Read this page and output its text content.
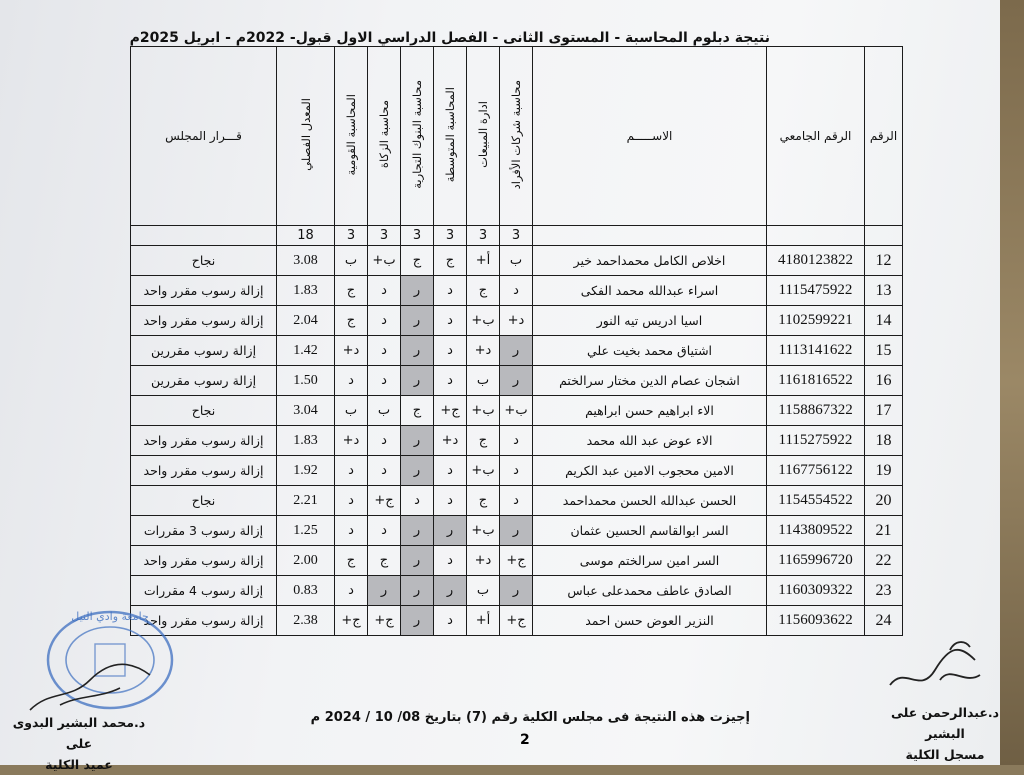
نتيجة دبلوم المحاسبة - المستوى الثانى - الفصل الدراسي الاول قبول- 2022م - ابريل 2025م
الرقم	الرقم الجامعي	الاســـــم	محاسبة شركات الأفراد	ادارة المبيعات	المحاسبة المتوسطة	محاسبة البنوك التجارية	محاسبة الزكاة	المحاسبة القومية	المعدل الفصلي	قـــرار المجلس
			3	3	3	3	3	3	18	
12	4180123822	اخلاص الكامل محمداحمد خير	ب	أ+	ج	ج	ب+	ب	3.08	نجاح
13	1115475922	اسراء عبدالله محمد الفكى	د	ج	د	ر	د	ج	1.83	إزالة رسوب مقرر واحد
14	1102599221	اسيا ادريس تيه النور	د+	ب+	د	ر	د	ج	2.04	إزالة رسوب مقرر واحد
15	1113141622	اشتياق محمد بخيت علي	ر	د+	د	ر	د	د+	1.42	إزالة رسوب مقررين
16	1161816522	اشجان عصام الدين مختار سرالختم	ر	ب	د	ر	د	د	1.50	إزالة رسوب مقررين
17	1158867322	الاء ابراهيم حسن ابراهيم	ب+	ب+	ج+	ج	ب	ب	3.04	نجاح
18	1115275922	الاء عوض عبد الله محمد	د	ج	د+	ر	د	د+	1.83	إزالة رسوب مقرر واحد
19	1167756122	الامين محجوب الامين عبد الكريم	د	ب+	د	ر	د	د	1.92	إزالة رسوب مقرر واحد
20	1154554522	الحسن عبدالله الحسن محمداحمد	د	ج	د	د	ج+	د	2.21	نجاح
21	1143809522	السر ابوالقاسم الحسين عثمان	ر	ب+	ر	ر	د	د	1.25	إزالة رسوب 3 مقررات
22	1165996720	السر امين سرالختم موسى	ج+	د+	د	ر	ج	ج	2.00	إزالة رسوب مقرر واحد
23	1160309322	الصادق عاطف محمدعلى عباس	ر	ب	ر	ر	ر	د	0.83	إزالة رسوب 4 مقررات
24	1156093622	النزير العوض حسن احمد	ج+	أ+	د	ر	ج+	ج+	2.38	إزالة رسوب مقرر واحد
جامعة وادي النيل
إجيزت هذه النتيجة فى مجلس الكلية رقم (7) بتاريخ 08/ 10 / 2024 م
2
د.عبدالرحمن على البشير
مسجل الكلية
د.محمد البشير البدوى على
عميد الكلية
